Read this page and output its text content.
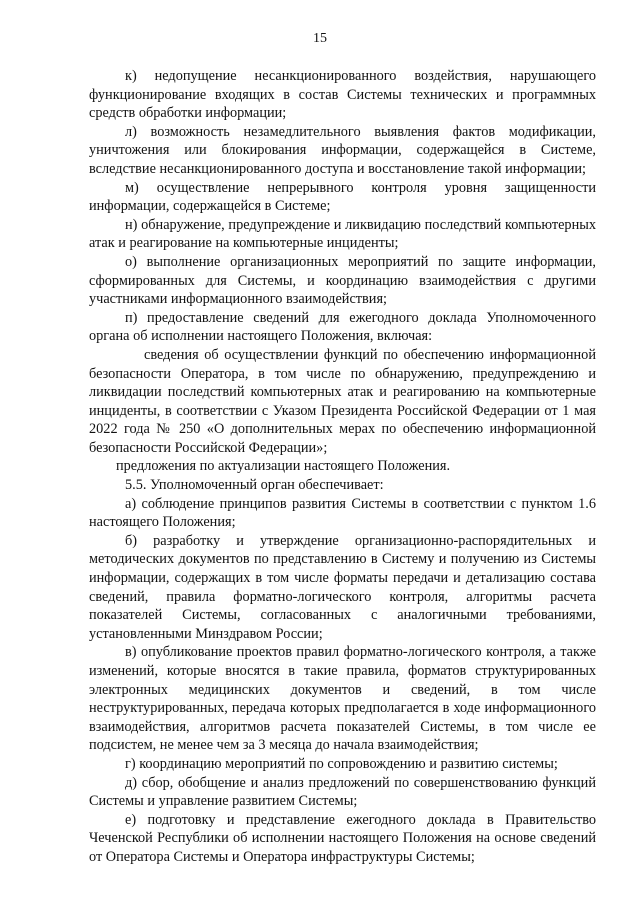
15

к) недопущение несанкционированного воздействия, нарушающего функционирование входящих в состав Системы технических и программных средств обработки информации;

л) возможность незамедлительного выявления фактов модификации, уничтожения или блокирования информации, содержащейся в Системе, вследствие несанкционированного доступа и восстановление такой информации;

м) осуществление непрерывного контроля уровня защищенности информации, содержащейся в Системе;

н) обнаружение, предупреждение и ликвидацию последствий компьютерных атак и реагирование на компьютерные инциденты;

о) выполнение организационных мероприятий по защите информации, сформированных для Системы, и координацию взаимодействия с другими участниками информационного взаимодействия;

п) предоставление сведений для ежегодного доклада Уполномоченного органа об исполнении настоящего Положения, включая:

сведения об осуществлении функций по обеспечению информационной безопасности Оператора, в том числе по обнаружению, предупреждению и ликвидации последствий компьютерных атак и реагированию на компьютерные инциденты, в соответствии с Указом Президента Российской Федерации от 1 мая 2022 года № 250 «О дополнительных мерах по обеспечению информационной безопасности Российской Федерации»;

предложения по актуализации настоящего Положения.

5.5. Уполномоченный орган обеспечивает:

а) соблюдение принципов развития Системы в соответствии с пунктом 1.6 настоящего Положения;

б) разработку и утверждение организационно-распорядительных и методических документов по представлению в Систему и получению из Системы информации, содержащих в том числе форматы передачи и детализацию состава сведений, правила форматно-логического контроля, алгоритмы расчета показателей Системы, согласованных с аналогичными требованиями, установленными Минздравом России;

в) опубликование проектов правил форматно-логического контроля, а также изменений, которые вносятся в такие правила, форматов структурированных электронных медицинских документов и сведений, в том числе неструктурированных, передача которых предполагается в ходе информационного взаимодействия, алгоритмов расчета показателей Системы, в том числе ее подсистем, не менее чем за 3 месяца до начала взаимодействия;

г) координацию мероприятий по сопровождению и развитию системы;

д) сбор, обобщение и анализ предложений по совершенствованию функций Системы и управление развитием Системы;

е) подготовку и представление ежегодного доклада в Правительство Чеченской Республики об исполнении настоящего Положения на основе сведений от Оператора Системы и Оператора инфраструктуры Системы;
